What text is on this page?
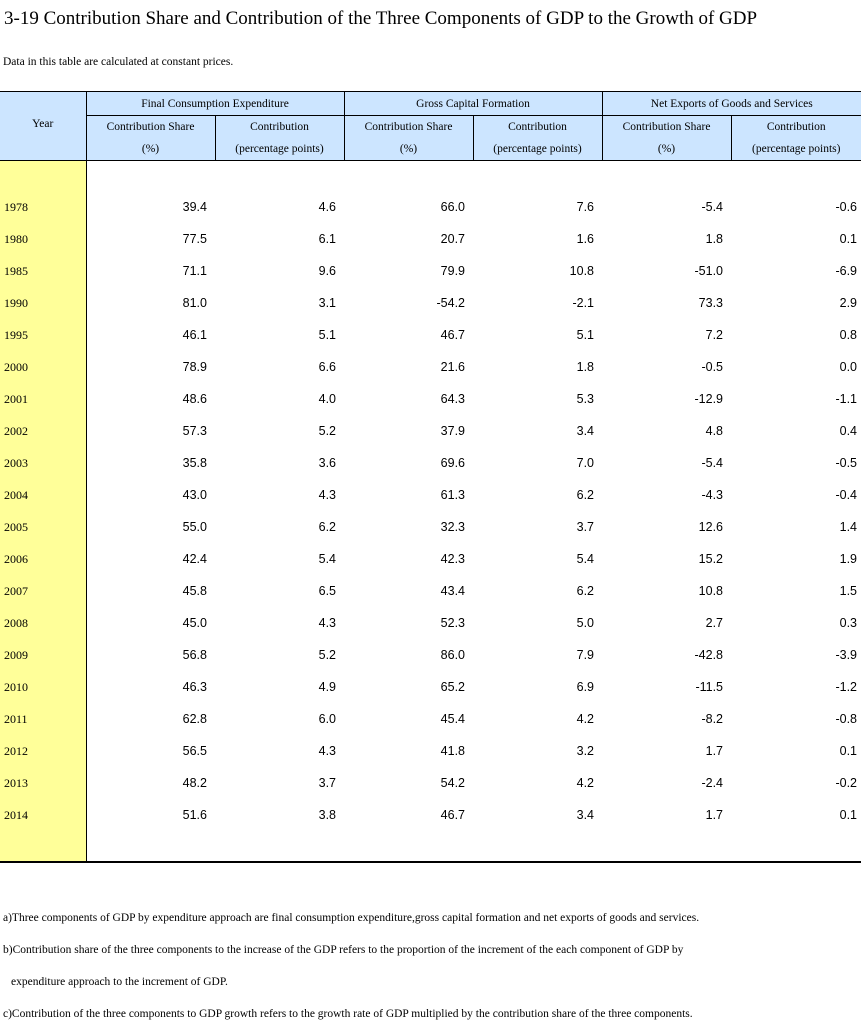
3-19 Contribution Share and Contribution of the Three Components of GDP to the Growth of GDP
Data in this table are calculated at constant prices.
Year	Final Consumption Expenditure		Gross Capital Formation		Net Exports of Goods and Services	
	Contribution Share	Contribution	Contribution Share	Contribution	Contribution Share	Contribution
	(%)	(percentage points)	(%)	(percentage points)	(%)	(percentage points)

1978	39.4	4.6	66.0	7.6	-5.4	-0.6
1980	77.5	6.1	20.7	1.6	1.8	0.1
1985	71.1	9.6	79.9	10.8	-51.0	-6.9
1990	81.0	3.1	-54.2	-2.1	73.3	2.9
1995	46.1	5.1	46.7	5.1	7.2	0.8
2000	78.9	6.6	21.6	1.8	-0.5	0.0
2001	48.6	4.0	64.3	5.3	-12.9	-1.1
2002	57.3	5.2	37.9	3.4	4.8	0.4
2003	35.8	3.6	69.6	7.0	-5.4	-0.5
2004	43.0	4.3	61.3	6.2	-4.3	-0.4
2005	55.0	6.2	32.3	3.7	12.6	1.4
2006	42.4	5.4	42.3	5.4	15.2	1.9
2007	45.8	6.5	43.4	6.2	10.8	1.5
2008	45.0	4.3	52.3	5.0	2.7	0.3
2009	56.8	5.2	86.0	7.9	-42.8	-3.9
2010	46.3	4.9	65.2	6.9	-11.5	-1.2
2011	62.8	6.0	45.4	4.2	-8.2	-0.8
2012	56.5	4.3	41.8	3.2	1.7	0.1
2013	48.2	3.7	54.2	4.2	-2.4	-0.2
2014	51.6	3.8	46.7	3.4	1.7	0.1

a)Three components of GDP by expenditure approach are final consumption expenditure,gross capital formation and net exports of goods and services.
b)Contribution share of the three components to the increase of the GDP refers to the proportion of the increment of the each component of GDP by
expenditure approach to the increment of GDP.
c)Contribution of the three components to GDP growth refers to the growth rate of GDP multiplied by the contribution share of the three components.
